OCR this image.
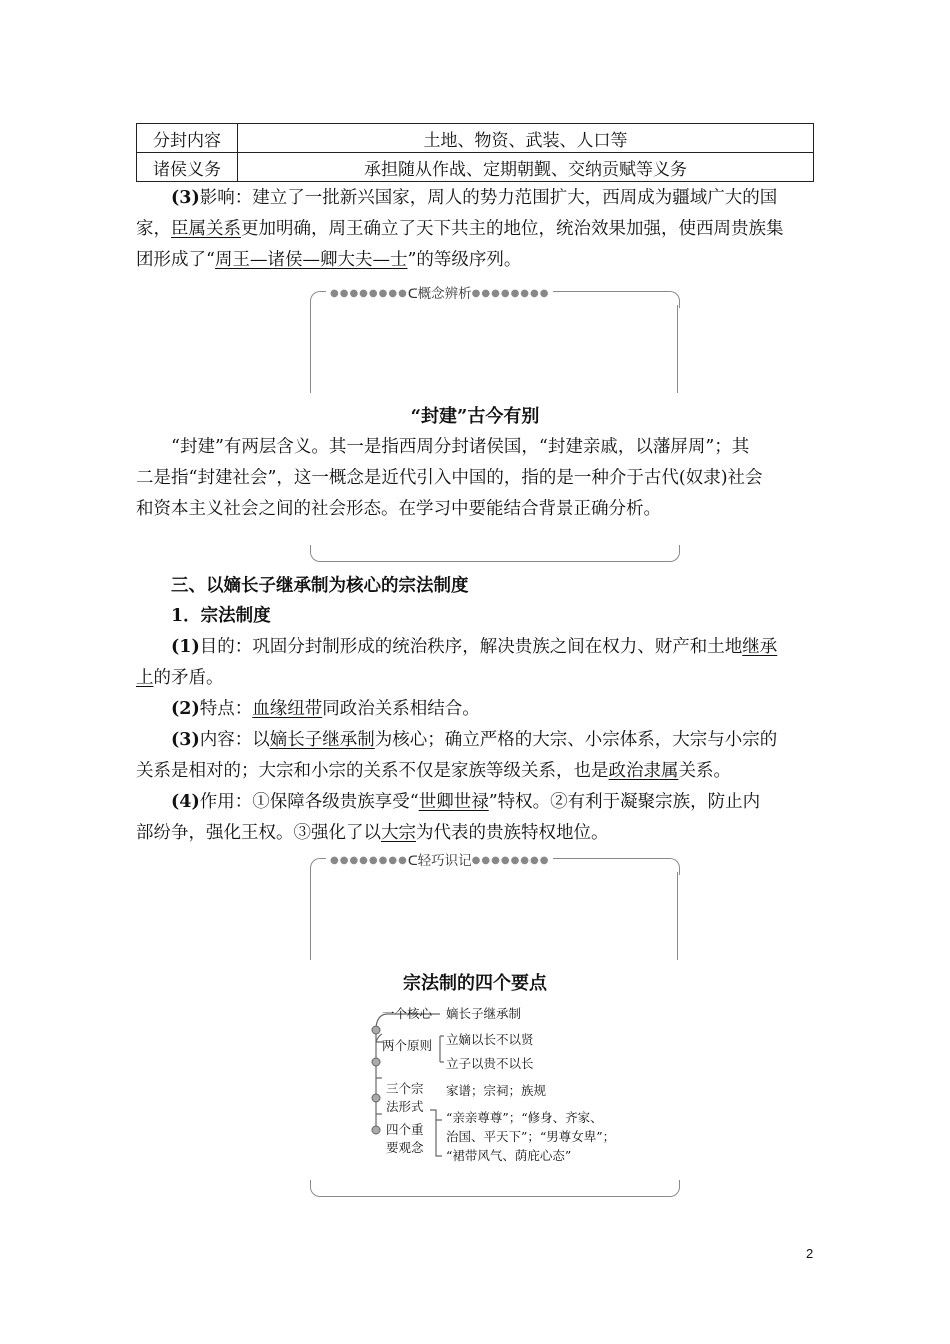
分封内容	土地、物资、武装、人口等
诸侯义务	承担随从作战、定期朝觐、交纳贡赋等义务
(3)影响：建立了一批新兴国家，周人的势力范围扩大，西周成为疆域广大的国
家，臣属关系更加明确，周王确立了天下共主的地位，统治效果加强，使西周贵族集
团形成了“周王—诸侯—卿大夫—士”的等级序列。
●●●●●●●●ᑕ概念辨析●●●●●●●●
“封建”古今有别
“封建”有两层含义。其一是指西周分封诸侯国，“封建亲戚，以藩屏周”；其
二是指“封建社会”，这一概念是近代引入中国的，指的是一种介于古代(奴隶)社会
和资本主义社会之间的社会形态。在学习中要能结合背景正确分析。
三、以嫡长子继承制为核心的宗法制度
1．宗法制度
(1)目的：巩固分封制形成的统治秩序，解决贵族之间在权力、财产和土地继承
上的矛盾。
(2)特点：血缘纽带同政治关系相结合。
(3)内容：以嫡长子继承制为核心；确立严格的大宗、小宗体系，大宗与小宗的
关系是相对的；大宗和小宗的关系不仅是家族等级关系，也是政治隶属关系。
(4)作用：①保障各级贵族享受“世卿世禄”特权。②有利于凝聚宗族，防止内
部纷争，强化王权。③强化了以大宗为代表的贵族特权地位。
●●●●●●●●ᑕ轻巧识记●●●●●●●●
宗法制的四个要点
一个核心 嫡长子继承制
两个原则 立嫡以长不以贤
立子以贵不以长
三个宗
法形式
家谱；宗祠；族规
四个重
要观念
“亲亲尊尊”；“修身、齐家、
治国、平天下”；“男尊女卑”；
“裙带风气、荫庇心态”
2
